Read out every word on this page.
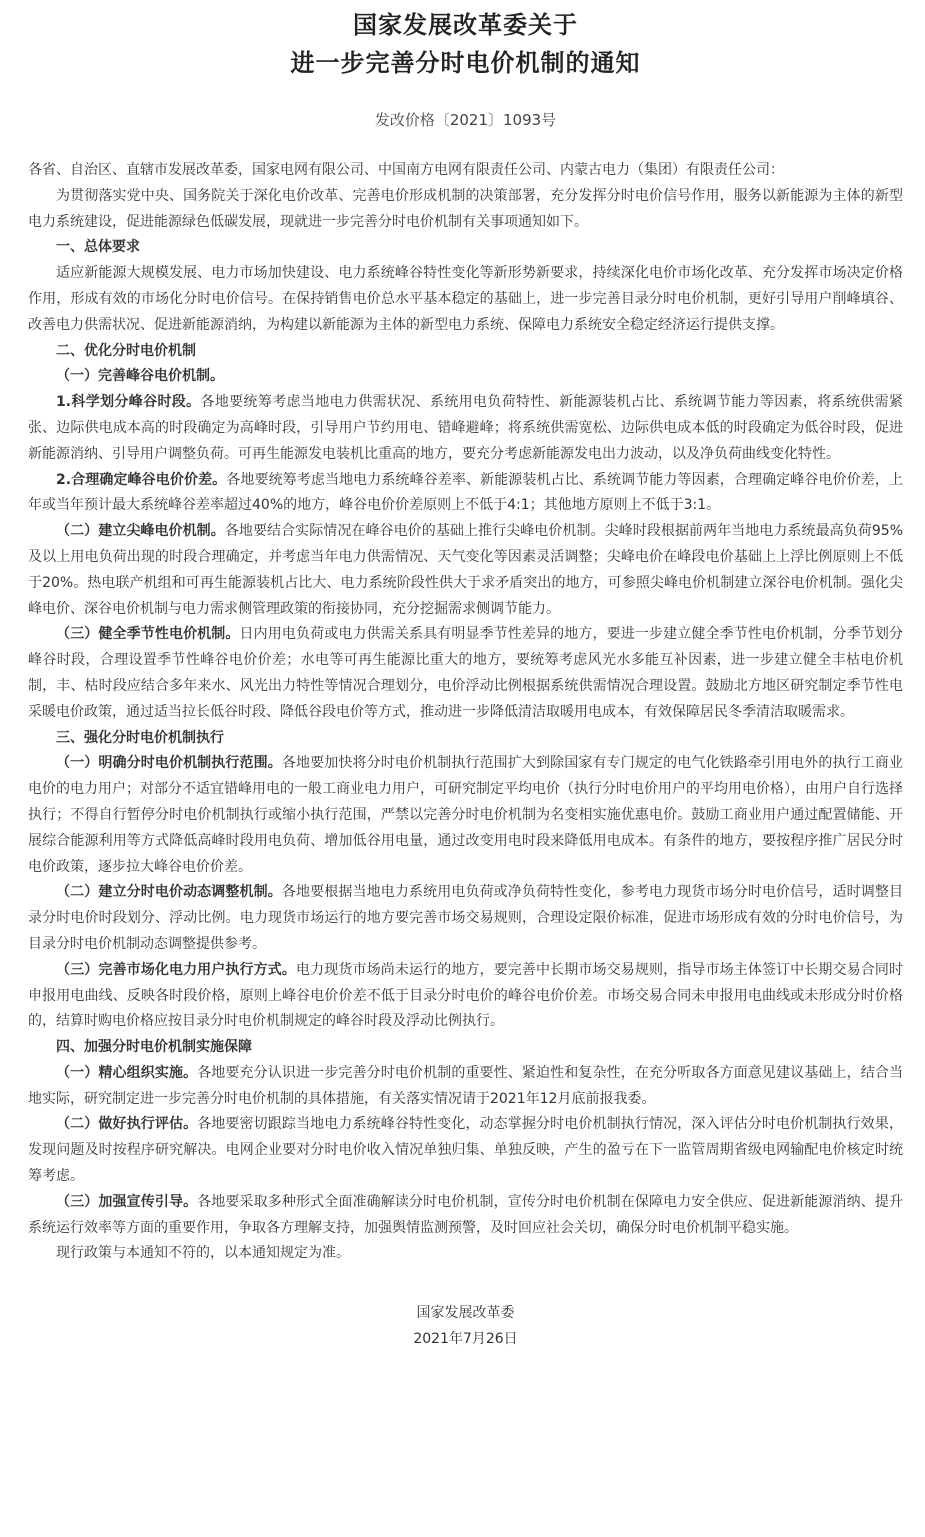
国家发展改革委关于
进一步完善分时电价机制的通知
发改价格〔2021〕1093号

各省、自治区、直辖市发展改革委，国家电网有限公司、中国南方电网有限责任公司、内蒙古电力（集团）有限责任公司：

为贯彻落实党中央、国务院关于深化电价改革、完善电价形成机制的决策部署，充分发挥分时电价信号作用，服务以新能源为主体的新型电力系统建设，促进能源绿色低碳发展，现就进一步完善分时电价机制有关事项通知如下。

一、总体要求

适应新能源大规模发展、电力市场加快建设、电力系统峰谷特性变化等新形势新要求，持续深化电价市场化改革、充分发挥市场决定价格作用，形成有效的市场化分时电价信号。在保持销售电价总水平基本稳定的基础上，进一步完善目录分时电价机制，更好引导用户削峰填谷、改善电力供需状况、促进新能源消纳，为构建以新能源为主体的新型电力系统、保障电力系统安全稳定经济运行提供支撑。

二、优化分时电价机制

（一）完善峰谷电价机制。

1.科学划分峰谷时段。各地要统筹考虑当地电力供需状况、系统用电负荷特性、新能源装机占比、系统调节能力等因素，将系统供需紧张、边际供电成本高的时段确定为高峰时段，引导用户节约用电、错峰避峰；将系统供需宽松、边际供电成本低的时段确定为低谷时段，促进新能源消纳、引导用户调整负荷。可再生能源发电装机比重高的地方，要充分考虑新能源发电出力波动，以及净负荷曲线变化特性。

2.合理确定峰谷电价价差。各地要统筹考虑当地电力系统峰谷差率、新能源装机占比、系统调节能力等因素，合理确定峰谷电价价差，上年或当年预计最大系统峰谷差率超过40%的地方，峰谷电价价差原则上不低于4:1；其他地方原则上不低于3:1。

（二）建立尖峰电价机制。各地要结合实际情况在峰谷电价的基础上推行尖峰电价机制。尖峰时段根据前两年当地电力系统最高负荷95%及以上用电负荷出现的时段合理确定，并考虑当年电力供需情况、天气变化等因素灵活调整；尖峰电价在峰段电价基础上上浮比例原则上不低于20%。热电联产机组和可再生能源装机占比大、电力系统阶段性供大于求矛盾突出的地方，可参照尖峰电价机制建立深谷电价机制。强化尖峰电价、深谷电价机制与电力需求侧管理政策的衔接协同，充分挖掘需求侧调节能力。

（三）健全季节性电价机制。日内用电负荷或电力供需关系具有明显季节性差异的地方，要进一步建立健全季节性电价机制，分季节划分峰谷时段，合理设置季节性峰谷电价价差；水电等可再生能源比重大的地方，要统筹考虑风光水多能互补因素，进一步建立健全丰枯电价机制，丰、枯时段应结合多年来水、风光出力特性等情况合理划分，电价浮动比例根据系统供需情况合理设置。鼓励北方地区研究制定季节性电采暖电价政策，通过适当拉长低谷时段、降低谷段电价等方式，推动进一步降低清洁取暖用电成本，有效保障居民冬季清洁取暖需求。

三、强化分时电价机制执行

（一）明确分时电价机制执行范围。各地要加快将分时电价机制执行范围扩大到除国家有专门规定的电气化铁路牵引用电外的执行工商业电价的电力用户；对部分不适宜错峰用电的一般工商业电力用户，可研究制定平均电价（执行分时电价用户的平均用电价格），由用户自行选择执行；不得自行暂停分时电价机制执行或缩小执行范围，严禁以完善分时电价机制为名变相实施优惠电价。鼓励工商业用户通过配置储能、开展综合能源利用等方式降低高峰时段用电负荷、增加低谷用电量，通过改变用电时段来降低用电成本。有条件的地方，要按程序推广居民分时电价政策，逐步拉大峰谷电价价差。

（二）建立分时电价动态调整机制。各地要根据当地电力系统用电负荷或净负荷特性变化，参考电力现货市场分时电价信号，适时调整目录分时电价时段划分、浮动比例。电力现货市场运行的地方要完善市场交易规则，合理设定限价标准，促进市场形成有效的分时电价信号，为目录分时电价机制动态调整提供参考。

（三）完善市场化电力用户执行方式。电力现货市场尚未运行的地方，要完善中长期市场交易规则，指导市场主体签订中长期交易合同时申报用电曲线、反映各时段价格，原则上峰谷电价价差不低于目录分时电价的峰谷电价价差。市场交易合同未申报用电曲线或未形成分时价格的，结算时购电价格应按目录分时电价机制规定的峰谷时段及浮动比例执行。

四、加强分时电价机制实施保障

（一）精心组织实施。各地要充分认识进一步完善分时电价机制的重要性、紧迫性和复杂性，在充分听取各方面意见建议基础上，结合当地实际，研究制定进一步完善分时电价机制的具体措施，有关落实情况请于2021年12月底前报我委。

（二）做好执行评估。各地要密切跟踪当地电力系统峰谷特性变化，动态掌握分时电价机制执行情况，深入评估分时电价机制执行效果，发现问题及时按程序研究解决。电网企业要对分时电价收入情况单独归集、单独反映，产生的盈亏在下一监管周期省级电网输配电价核定时统筹考虑。

（三）加强宣传引导。各地要采取多种形式全面准确解读分时电价机制，宣传分时电价机制在保障电力安全供应、促进新能源消纳、提升系统运行效率等方面的重要作用，争取各方理解支持，加强舆情监测预警，及时回应社会关切，确保分时电价机制平稳实施。

现行政策与本通知不符的，以本通知规定为准。

国家发展改革委
2021年7月26日
